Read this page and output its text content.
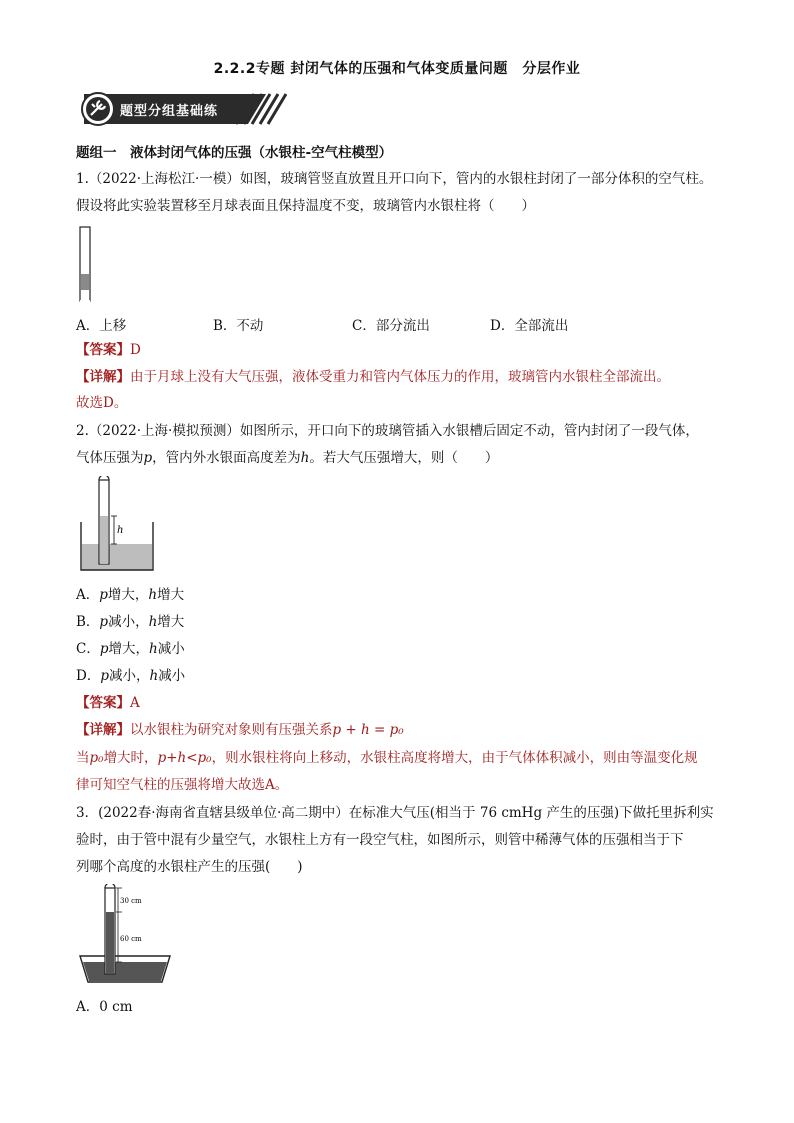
2.2.2专题 封闭气体的压强和气体变质量问题　分层作业
题型分组基础练
题组一　液体封闭气体的压强（水银柱-空气柱模型）
1.（2022·上海松江·一模）如图，玻璃管竖直放置且开口向下，管内的水银柱封闭了一部分体积的空气柱。
假设将此实验装置移至月球表面且保持温度不变，玻璃管内水银柱将（　　）
A．上移	B．不动	C．部分流出	D．全部流出
【答案】D
【详解】由于月球上没有大气压强，液体受重力和管内气体压力的作用，玻璃管内水银柱全部流出。
故选D。
2.（2022·上海·模拟预测）如图所示，开口向下的玻璃管插入水银槽后固定不动，管内封闭了一段气体，
气体压强为p，管内外水银面高度差为h。若大气压强增大，则（　　）
h
A．p增大，h增大
B．p减小，h增大
C．p增大，h减小
D．p减小，h减小
【答案】A
【详解】以水银柱为研究对象则有压强关系p + h = p₀
当p₀增大时，p+h<p₀，则水银柱将向上移动，水银柱高度将增大，由于气体体积减小，则由等温变化规
律可知空气柱的压强将增大故选A。
3．(2022春·海南省直辖县级单位·高二期中）在标准大气压(相当于 76 cmHg 产生的压强)下做托里拆利实
验时，由于管中混有少量空气，水银柱上方有一段空气柱，如图所示，则管中稀薄气体的压强相当于下
列哪个高度的水银柱产生的压强(　　)
30 cm
60 cm
A．0 cm
